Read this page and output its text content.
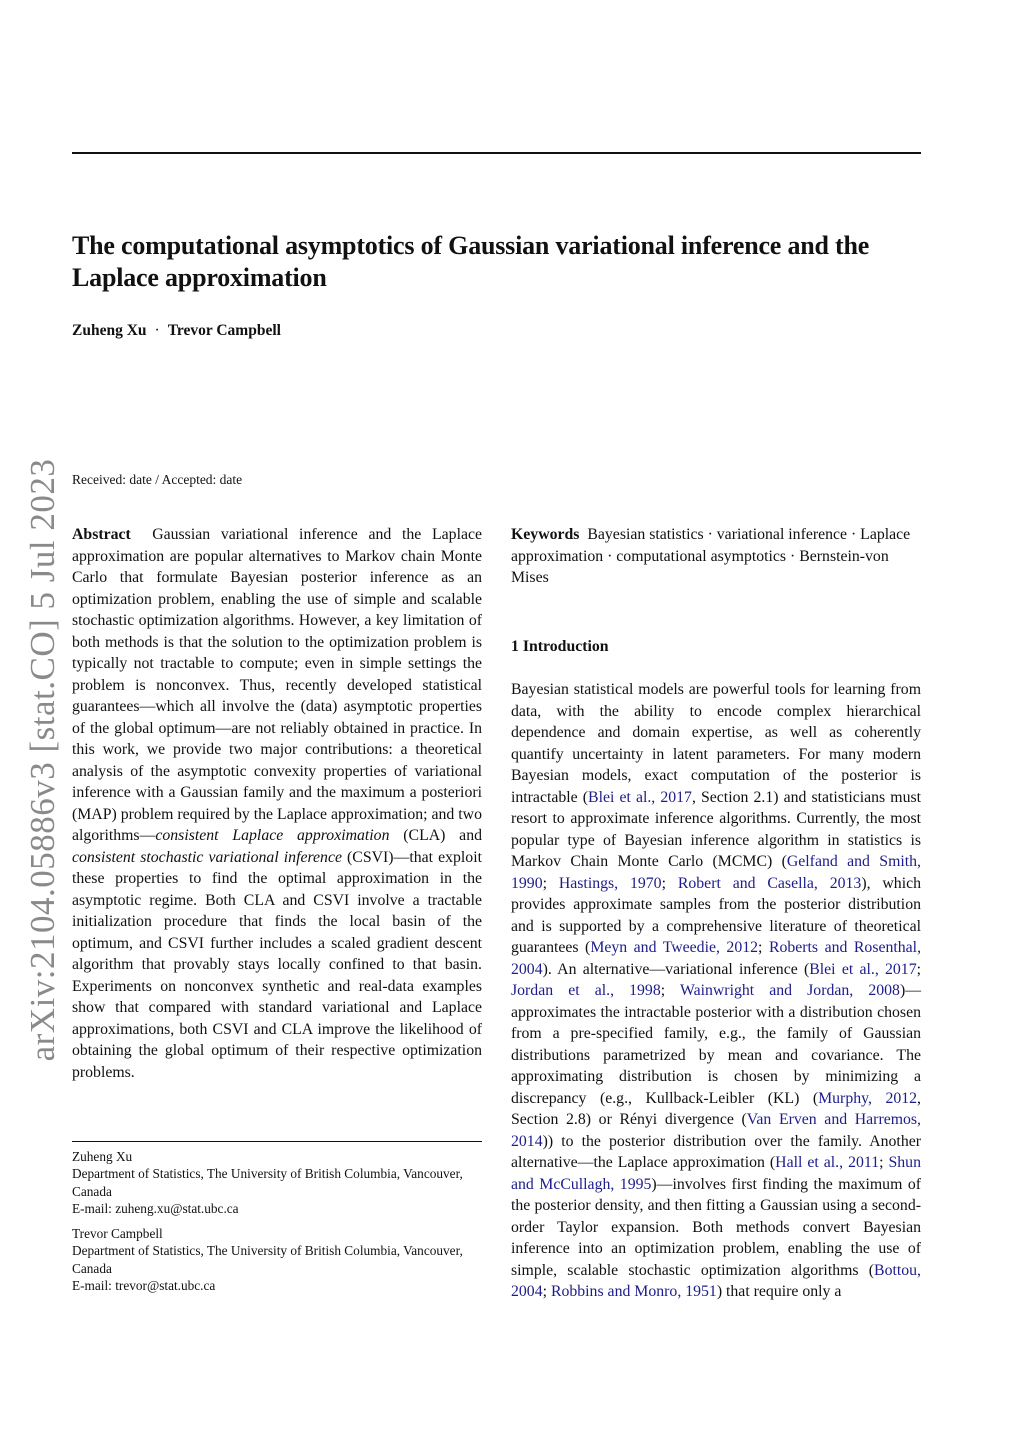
The computational asymptotics of Gaussian variational inference and the Laplace approximation
Zuheng Xu · Trevor Campbell
arXiv:2104.05886v3 [stat.CO] 5 Jul 2023 Received: date / Accepted: date

Abstract Gaussian variational inference and the Laplace approximation are popular alternatives to Markov chain Monte Carlo that formulate Bayesian posterior inference as an optimization problem, enabling the use of simple and scalable stochastic optimization algorithms. However, a key limitation of both methods is that the solution to the optimization problem is typically not tractable to compute; even in simple settings the problem is nonconvex. Thus, recently developed statistical guarantees—which all involve the (data) asymptotic properties of the global optimum—are not reliably obtained in practice. In this work, we provide two major contributions: a theoretical analysis of the asymptotic convexity properties of variational inference with a Gaussian family and the maximum a posteriori (MAP) problem required by the Laplace approximation; and two algorithms—consistent Laplace approximation (CLA) and consistent stochastic variational inference (CSVI)—that exploit these properties to find the optimal approximation in the asymptotic regime. Both CLA and CSVI involve a tractable initialization procedure that finds the local basin of the optimum, and CSVI further includes a scaled gradient descent algorithm that provably stays locally confined to that basin. Experiments on nonconvex synthetic and real-data examples show that compared with standard variational and Laplace approximations, both CSVI and CLA improve the likelihood of obtaining the global optimum of their respective optimization problems.

Zuheng Xu
Department of Statistics, The University of British Columbia, Vancouver, Canada
E-mail: zuheng.xu@stat.ubc.ca

Trevor Campbell
Department of Statistics, The University of British Columbia, Vancouver, Canada
E-mail: trevor@stat.ubc.ca

Keywords Bayesian statistics · variational inference · Laplace approximation · computational asymptotics · Bernstein-von Mises

1 Introduction

Bayesian statistical models are powerful tools for learning from data, with the ability to encode complex hierarchical dependence and domain expertise, as well as coherently quantify uncertainty in latent parameters. For many modern Bayesian models, exact computation of the posterior is intractable (Blei et al., 2017, Section 2.1) and statisticians must resort to approximate inference algorithms. Currently, the most popular type of Bayesian inference algorithm in statistics is Markov Chain Monte Carlo (MCMC) (Gelfand and Smith, 1990; Hastings, 1970; Robert and Casella, 2013), which provides approximate samples from the posterior distribution and is supported by a comprehensive literature of theoretical guarantees (Meyn and Tweedie, 2012; Roberts and Rosenthal, 2004). An alternative—variational inference (Blei et al., 2017; Jordan et al., 1998; Wainwright and Jordan, 2008)—approximates the intractable posterior with a distribution chosen from a pre-specified family, e.g., the family of Gaussian distributions parametrized by mean and covariance. The approximating distribution is chosen by minimizing a discrepancy (e.g., Kullback-Leibler (KL) (Murphy, 2012, Section 2.8) or Rényi divergence (Van Erven and Harremos, 2014)) to the posterior distribution over the family. Another alternative—the Laplace approximation (Hall et al., 2011; Shun and McCullagh, 1995)—involves first finding the maximum of the posterior density, and then fitting a Gaussian using a second-order Taylor expansion. Both methods convert Bayesian inference into an optimization problem, enabling the use of simple, scalable stochastic optimization algorithms (Bottou, 2004; Robbins and Monro, 1951) that require only a
